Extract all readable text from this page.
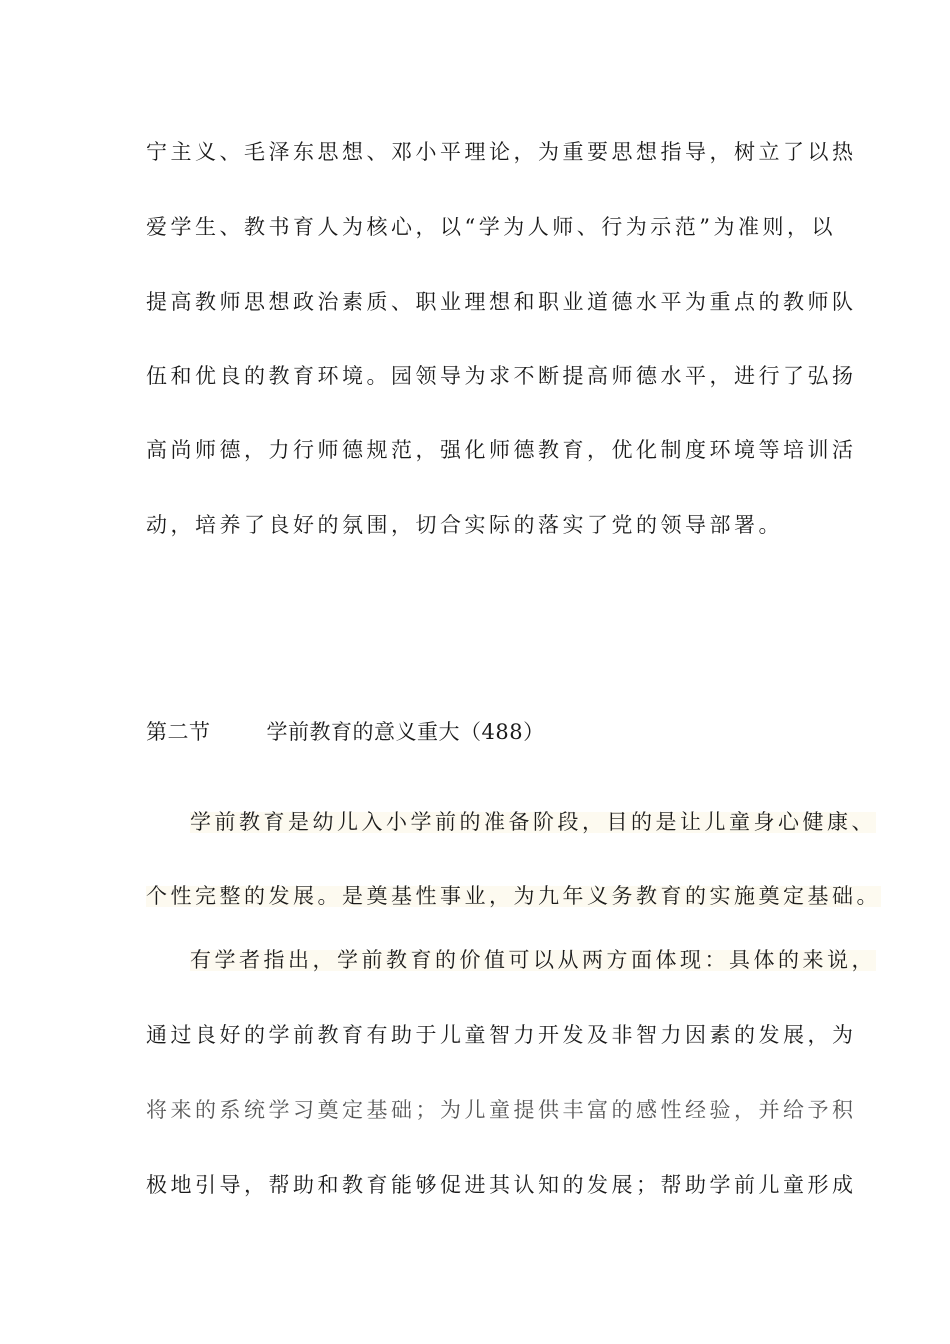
宁主义、毛泽东思想、邓小平理论，为重要思想指导，树立了以热
爱学生、教书育人为核心，以“学为人师、行为示范”为准则，以
提高教师思想政治素质、职业理想和职业道德水平为重点的教师队
伍和优良的教育环境。园领导为求不断提高师德水平，进行了弘扬
高尚师德，力行师德规范，强化师德教育，优化制度环境等培训活
动，培养了良好的氛围，切合实际的落实了党的领导部署。
第二节	学前教育的意义重大（488）
学前教育是幼儿入小学前的准备阶段，目的是让儿童身心健康、
个性完整的发展。是奠基性事业，为九年义务教育的实施奠定基础。
有学者指出，学前教育的价值可以从两方面体现：具体的来说，
通过良好的学前教育有助于儿童智力开发及非智力因素的发展，为
将来的系统学习奠定基础；为儿童提供丰富的感性经验，并给予积
极地引导，帮助和教育能够促进其认知的发展；帮助学前儿童形成
